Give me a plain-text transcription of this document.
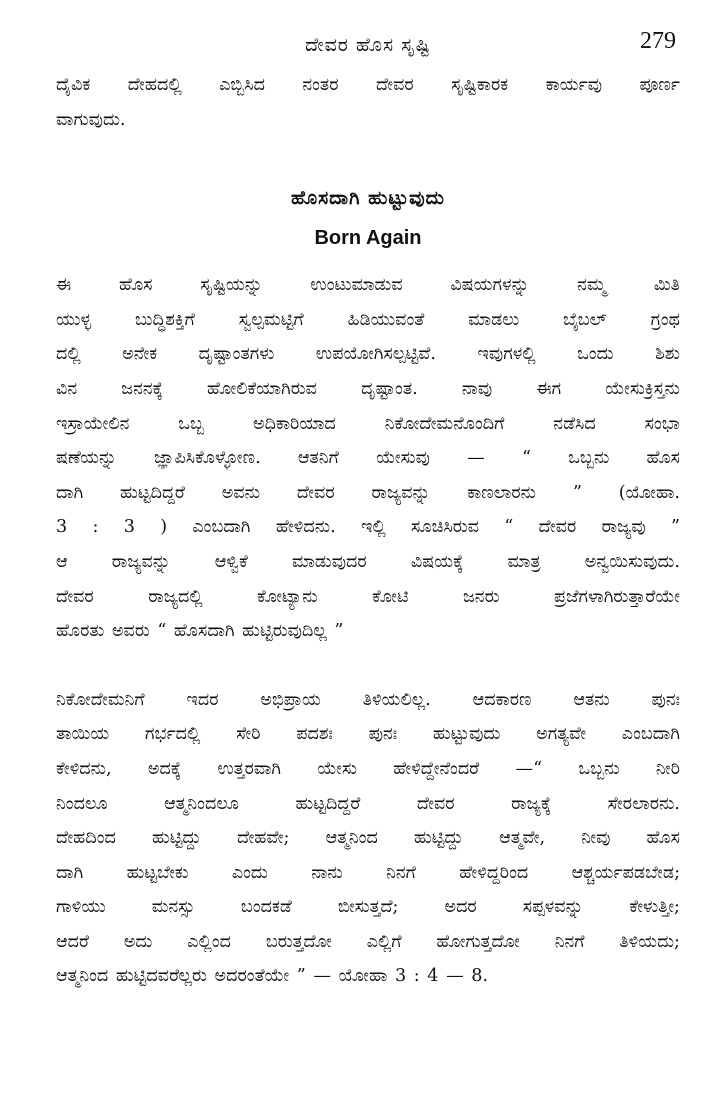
ದೇವರ ಹೊಸ ಸೃಷ್ಟಿ	279
ದೈವಿಕ ದೇಹದಲ್ಲಿ ಎಬ್ಬಿಸಿದ ನಂತರ ದೇವರ ಸೃಷ್ಟಿಕಾರಕ ಕಾರ್ಯವು ಪೂರ್ಣ
ವಾಗುವುದು.
ಹೊಸದಾಗಿ ಹುಟ್ಟುವುದು
Born Again
ಈ ಹೊಸ ಸೃಷ್ಟಿಯನ್ನು ಉಂಟುಮಾಡುವ ವಿಷಯಗಳನ್ನು ನಮ್ಮ ಮಿತಿ
ಯುಳ್ಳ ಬುದ್ಧಿಶಕ್ತಿಗೆ ಸ್ವಲ್ಪಮಟ್ಟಿಗೆ ಹಿಡಿಯುವಂತೆ ಮಾಡಲು ಬೈಬಲ್ ಗ್ರಂಥ
ದಲ್ಲಿ ಅನೇಕ ದೃಷ್ಟಾಂತಗಳು ಉಪಯೋಗಿಸಲ್ಪಟ್ಟಿವೆ. ಇವುಗಳಲ್ಲಿ ಒಂದು ಶಿಶು
ವಿನ ಜನನಕ್ಕೆ ಹೋಲಿಕೆಯಾಗಿರುವ ದೃಷ್ಟಾಂತ. ನಾವು ಈಗ ಯೇಸುಕ್ರಿಸ್ತನು
ಇಸ್ರಾಯೇಲಿನ ಒಬ್ಬ ಅಧಿಕಾರಿಯಾದ ನಿಕೋದೇಮನೊಂದಿಗೆ ನಡೆಸಿದ ಸಂಭಾ
ಷಣೆಯನ್ನು ಜ್ಞಾಪಿಸಿಕೊಳ್ಳೋಣ. ಆತನಿಗೆ ಯೇಸುವು — “ ಒಬ್ಬನು ಹೊಸ
ದಾಗಿ ಹುಟ್ಟದಿದ್ದರೆ ಅವನು ದೇವರ ರಾಜ್ಯವನ್ನು ಕಾಣಲಾರನು ” (ಯೋಹಾ.
3 : 3 ) ಎಂಬದಾಗಿ ಹೇಳಿದನು. ಇಲ್ಲಿ ಸೂಚಿಸಿರುವ “ ದೇವರ ರಾಜ್ಯವು ”
ಆ ರಾಜ್ಯವನ್ನು ಆಳ್ವಿಕೆ ಮಾಡುವುದರ ವಿಷಯಕ್ಕೆ ಮಾತ್ರ ಅನ್ವಯಿಸುವುದು.
ದೇವರ ರಾಜ್ಯದಲ್ಲಿ ಕೋಟ್ಯಾನು ಕೋಟಿ ಜನರು ಪ್ರಜೆಗಳಾಗಿರುತ್ತಾರೆಯೇ
ಹೊರತು ಅವರು “ ಹೊಸದಾಗಿ ಹುಟ್ಟಿರುವುದಿಲ್ಲ ”
ನಿಕೋದೇಮನಿಗೆ ಇದರ ಅಭಿಪ್ರಾಯ ತಿಳಿಯಲಿಲ್ಲ. ಆದಕಾರಣ ಆತನು ಪುನಃ
ತಾಯಿಯ ಗರ್ಭದಲ್ಲಿ ಸೇರಿ ಪದಶಃ ಪುನಃ ಹುಟ್ಟುವುದು ಅಗತ್ಯವೇ ಎಂಬದಾಗಿ
ಕೇಳಿದನು, ಅದಕ್ಕೆ ಉತ್ತರವಾಗಿ ಯೇಸು ಹೇಳಿದ್ದೇನೆಂದರೆ —“ ಒಬ್ಬನು ನೀರಿ
ನಿಂದಲೂ ಆತ್ಮನಿಂದಲೂ ಹುಟ್ಟದಿದ್ದರೆ ದೇವರ ರಾಜ್ಯಕ್ಕೆ ಸೇರಲಾರನು.
ದೇಹದಿಂದ ಹುಟ್ಟಿದ್ದು ದೇಹವೇ; ಆತ್ಮನಿಂದ ಹುಟ್ಟಿದ್ದು ಆತ್ಮವೇ, ನೀವು ಹೊಸ
ದಾಗಿ ಹುಟ್ಟಬೇಕು ಎಂದು ನಾನು ನಿನಗೆ ಹೇಳಿದ್ದರಿಂದ ಆಶ್ಚರ್ಯಪಡಬೇಡ;
ಗಾಳಿಯು ಮನಸ್ಸು ಬಂದಕಡೆ ಬೀಸುತ್ತದೆ; ಅದರ ಸಪ್ಪಳವನ್ನು ಕೇಳುತ್ತೀ;
ಆದರೆ ಅದು ಎಲ್ಲಿಂದ ಬರುತ್ತದೋ ಎಲ್ಲಿಗೆ ಹೋಗುತ್ತದೋ ನಿನಗೆ ತಿಳಿಯದು;
ಆತ್ಮನಿಂದ ಹುಟ್ಟಿದವರೆಲ್ಲರು ಅದರಂತೆಯೇ ” — ಯೋಹಾ 3 : 4 — 8.
